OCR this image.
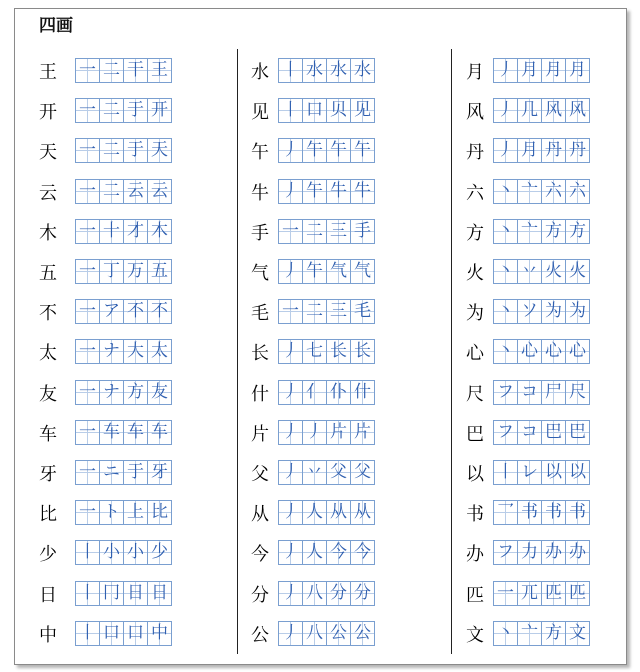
四画
王 一 二 干 王
开 一 二 于 开
天 一 二 于 天
云 一 二 云 云
木 一 十 才 木
五 一 丁 万 五
不 一 ア 不 不
太 一 ナ 大 太
友 一 ナ 方 友
车 一 车 车 车
牙 一 ニ 于 牙
比 一 ト 上 比
少 丨 小 小 少
日 丨 冂 日 日
中 丨 口 口 中
水 丨 水 水 水
见 丨 口 贝 见
午 丿 午 午 午
牛 丿 午 牛 牛
手 一 二 三 手
气 丿 午 气 气
毛 一 二 三 毛
长 丿 七 长 长
什 丿 亻 仆 什
片 丿 丿 片 片
父 丿 丷 父 父
从 丿 人 从 从
今 丿 人 今 今
分 丿 八 分 分
公 丿 八 公 公
月 丿 月 月 月
风 丿 几 风 风
丹 丿 月 丹 丹
六 丶 亠 六 六
方 丶 亠 方 方
火 丶 丷 火 火
为 丶 ソ 为 为
心 丶 心 心 心
尺 フ コ 尸 尺
巴 フ コ 巴 巴
以 丨 レ 以 以
书 乛 书 书 书
办 フ 力 办 办
匹 一 兀 匹 匹
文 丶 亠 方 文
